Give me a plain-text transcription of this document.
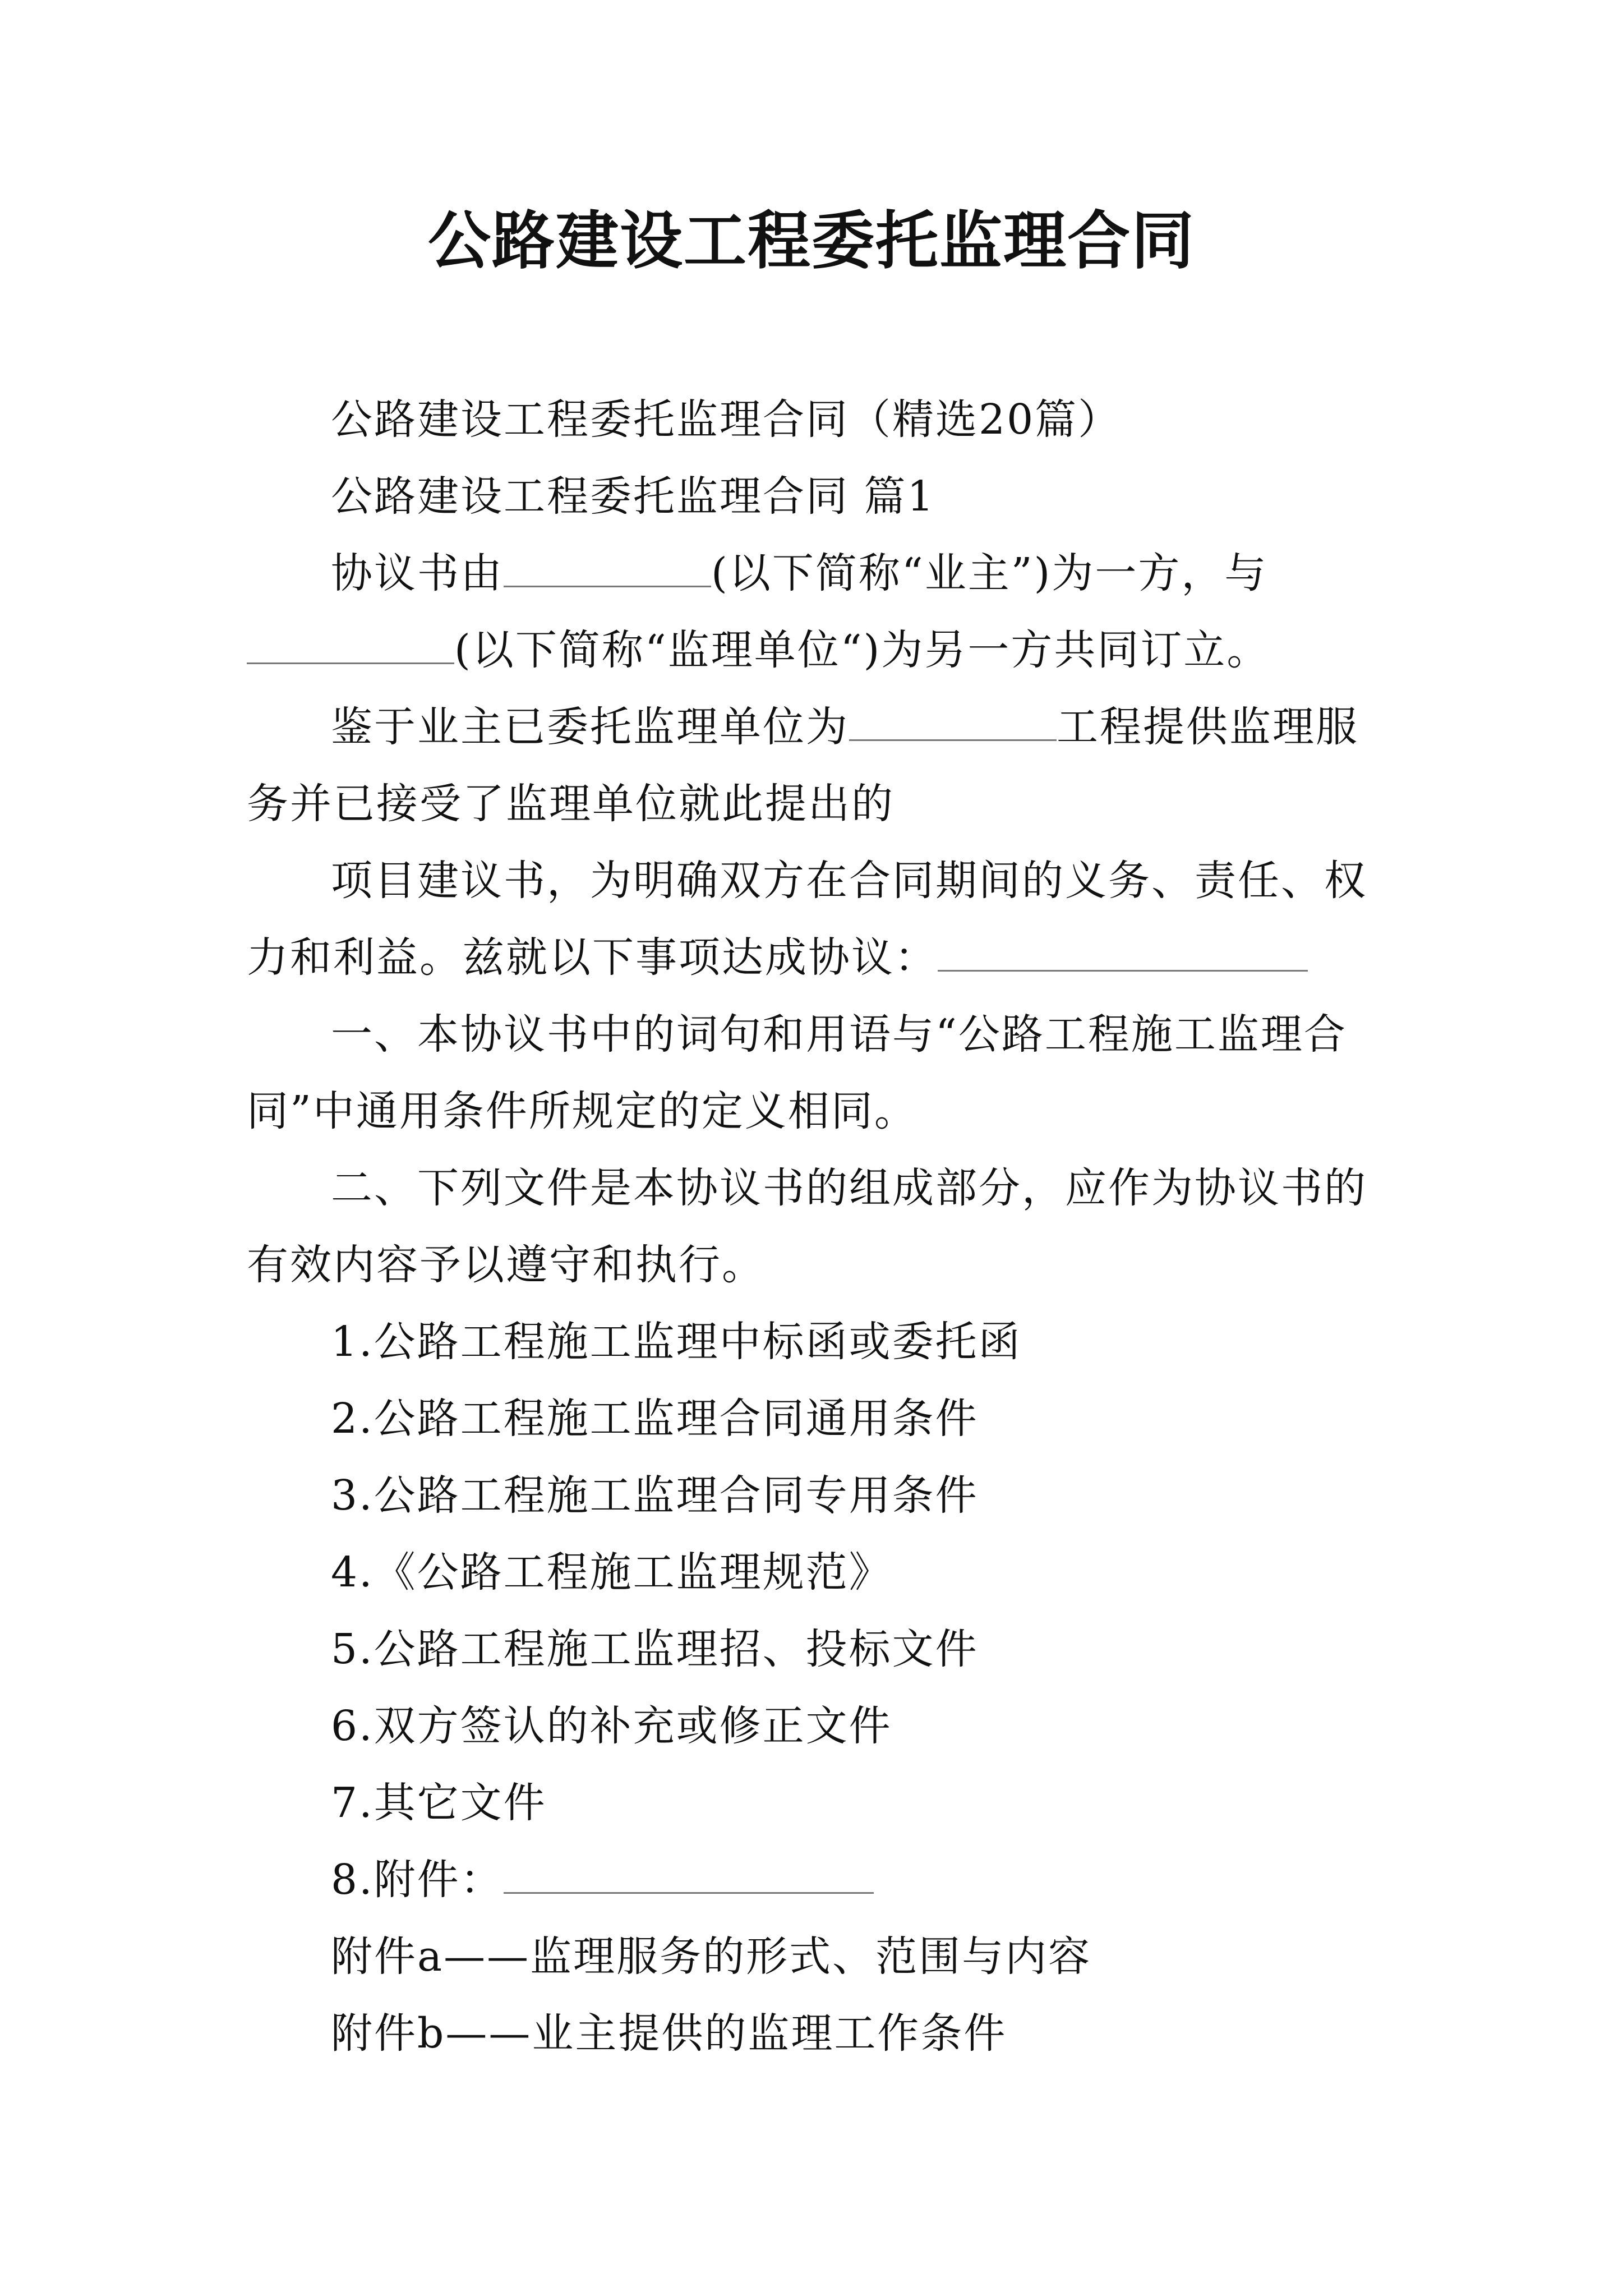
公路建设工程委托监理合同

公路建设工程委托监理合同（精选20篇）

公路建设工程委托监理合同 篇1

协议书由	(以下简称“业主”)为一方，与
(以下简称“监理单位“)为另一方共同订立。

鉴于业主已委托监理单位为	工程提供监理服务并已接受了监理单位就此提出的

项目建议书，为明确双方在合同期间的义务、责任、权力和利益。兹就以下事项达成协议：

一、本协议书中的词句和用语与“公路工程施工监理合同”中通用条件所规定的定义相同。

二、下列文件是本协议书的组成部分，应作为协议书的有效内容予以遵守和执行。

1.公路工程施工监理中标函或委托函

2.公路工程施工监理合同通用条件

3.公路工程施工监理合同专用条件

4.《公路工程施工监理规范》

5.公路工程施工监理招、投标文件

6.双方签认的补充或修正文件

7.其它文件

8.附件：

附件a——监理服务的形式、范围与内容

附件b——业主提供的监理工作条件
